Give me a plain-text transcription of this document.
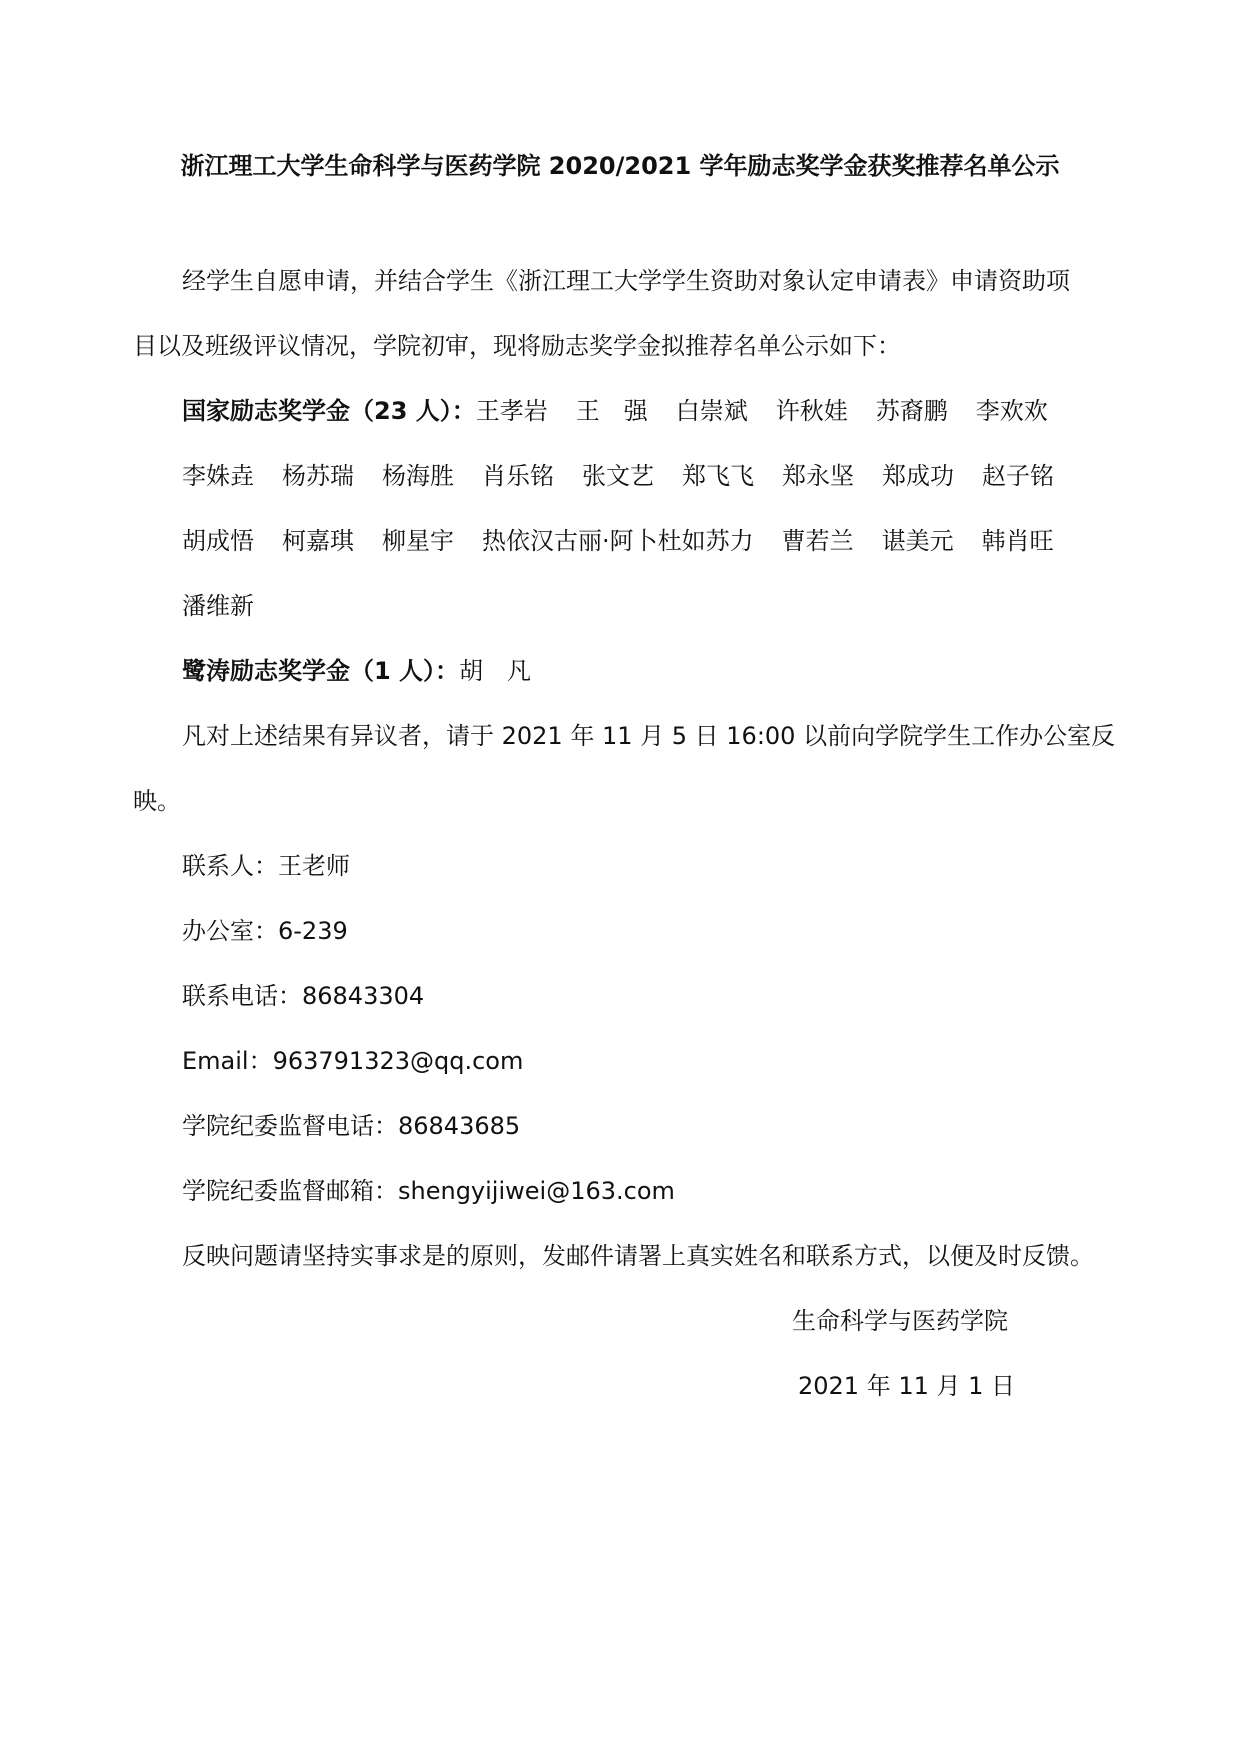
浙江理工大学生命科学与医药学院 2020/2021 学年励志奖学金获奖推荐名单公示
经学生自愿申请，并结合学生《浙江理工大学学生资助对象认定申请表》申请资助项
目以及班级评议情况，学院初审，现将励志奖学金拟推荐名单公示如下：
国家励志奖学金（23 人）：王孝岩 王　强 白崇斌 许秋娃 苏裔鹏 李欢欢
李姝垚 杨苏瑞 杨海胜 肖乐铭 张文艺 郑飞飞 郑永坚 郑成功 赵子铭
胡成悟 柯嘉琪 柳星宇 热依汉古丽·阿卜杜如苏力 曹若兰 谌美元 韩肖旺
潘维新
鹭涛励志奖学金（1 人）：胡　凡
凡对上述结果有异议者，请于 2021 年 11 月 5 日 16:00 以前向学院学生工作办公室反
映。
联系人：王老师
办公室：6-239
联系电话：86843304
Email：963791323@qq.com
学院纪委监督电话：86843685
学院纪委监督邮箱：shengyijiwei@163.com
反映问题请坚持实事求是的原则，发邮件请署上真实姓名和联系方式，以便及时反馈。
生命科学与医药学院
2021 年 11 月 1 日
